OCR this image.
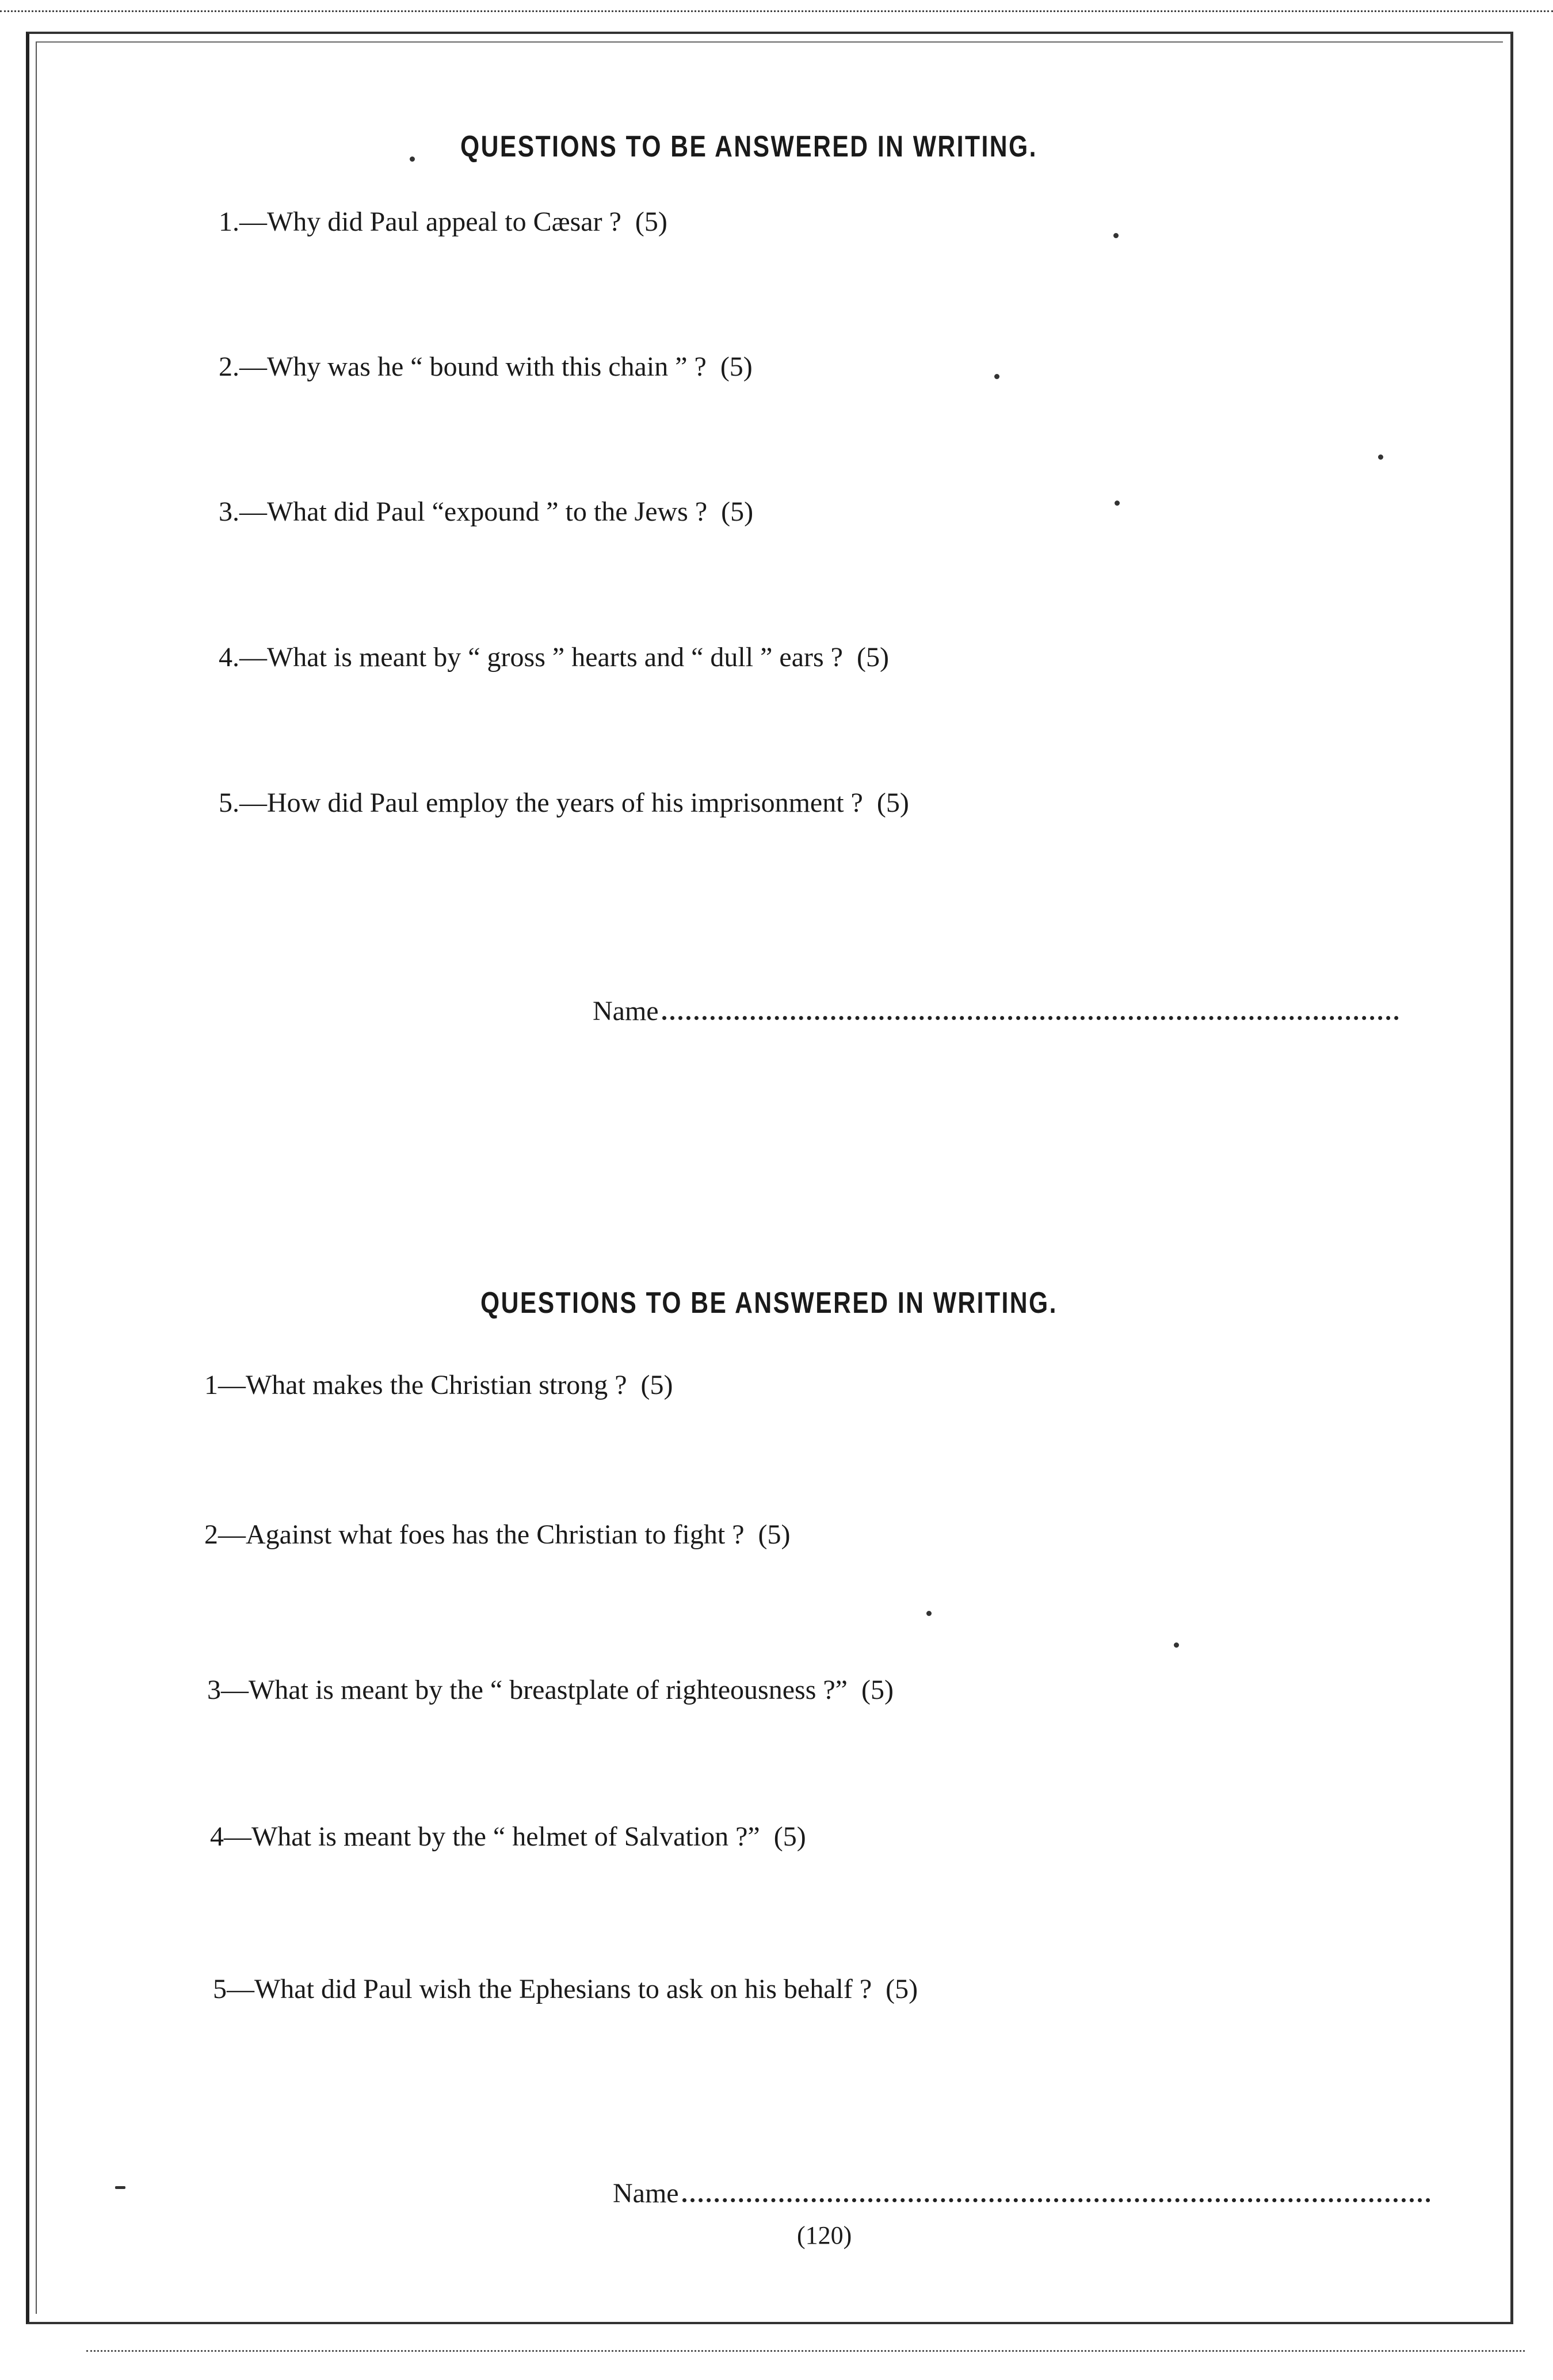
QUESTIONS TO BE ANSWERED IN WRITING.
1.—Why did Paul appeal to Cæsar ? (5)
2.—Why was he “ bound with this chain ” ? (5)
3.—What did Paul “expound ” to the Jews ? (5)
4.—What is meant by “ gross ” hearts and “ dull ” ears ? (5)
5.—How did Paul employ the years of his imprisonment ? (5)
Name
QUESTIONS TO BE ANSWERED IN WRITING.
1—What makes the Christian strong ? (5)
2—Against what foes has the Christian to fight ? (5)
3—What is meant by the “ breastplate of righteousness ?” (5)
4—What is meant by the “ helmet of Salvation ?” (5)
5—What did Paul wish the Ephesians to ask on his behalf ? (5)
Name
(120)
